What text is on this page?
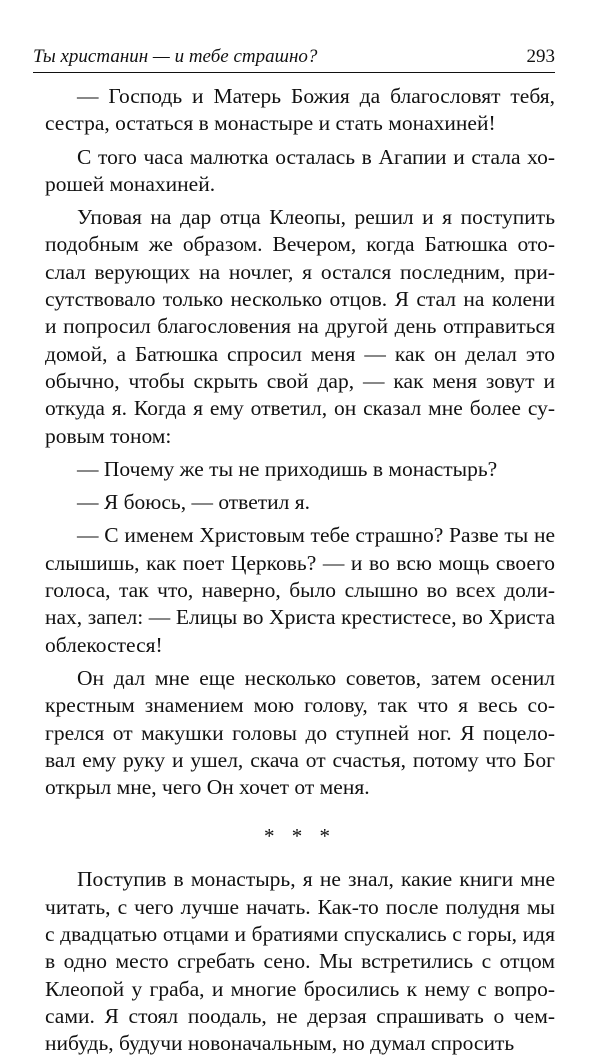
Ты христанин — и тебе страшно?	293

— Господь и Матерь Божия да благословят тебя,
сестра, остаться в монастыре и стать монахиней!

С того часа малютка осталась в Агапии и стала хо-
рошей монахиней.

Уповая на дар отца Клеопы, решил и я поступить
подобным же образом. Вечером, когда Батюшка ото-
слал верующих на ночлег, я остался последним, при-
сутствовало только несколько отцов. Я стал на колени
и попросил благословения на другой день отправиться
домой, а Батюшка спросил меня — как он делал это
обычно, чтобы скрыть свой дар, — как меня зовут и
откуда я. Когда я ему ответил, он сказал мне более су-
ровым тоном:

— Почему же ты не приходишь в монастырь?

— Я боюсь, — ответил я.

— С именем Христовым тебе страшно? Разве ты не
слышишь, как поет Церковь? — и во всю мощь своего
голоса, так что, наверно, было слышно во всех доли-
нах, запел: — Елицы во Христа крестистесе, во Христа
облекостеся!

Он дал мне еще несколько советов, затем осенил
крестным знамением мою голову, так что я весь со-
грелся от макушки головы до ступней ног. Я поцело-
вал ему руку и ушел, скача от счастья, потому что Бог
открыл мне, чего Он хочет от меня.

* * *

Поступив в монастырь, я не знал, какие книги мне
читать, с чего лучше начать. Как-то после полудня мы
с двадцатью отцами и братиями спускались с горы, идя
в одно место сгребать сено. Мы встретились с отцом
Клеопой у граба, и многие бросились к нему с вопро-
сами. Я стоял поодаль, не дерзая спрашивать о чем-
нибудь, будучи новоначальным, но думал спросить
